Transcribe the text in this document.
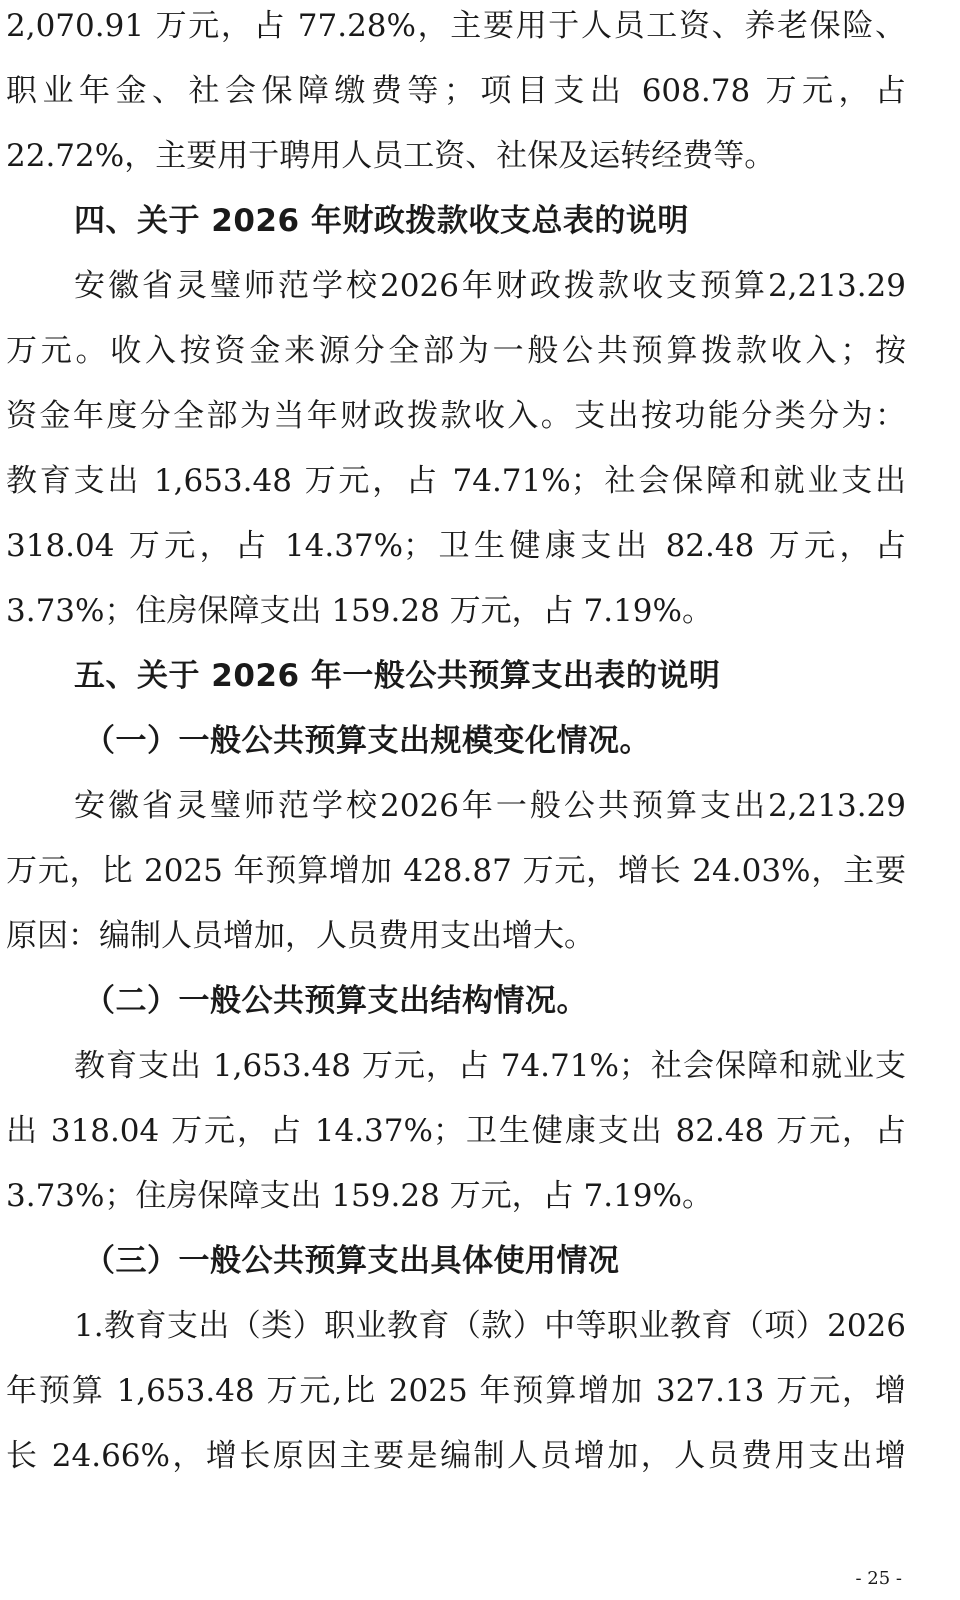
2,070.91 万元，占 77.28%，主要用于人员工资、养老保险、
职业年金、社会保障缴费等；项目支出 608.78 万元，占
22.72%，主要用于聘用人员工资、社保及运转经费等。
四、关于 2026 年财政拨款收支总表的说明
安徽省灵璧师范学校2026年财政拨款收支预算2,213.29
万元。收入按资金来源分全部为一般公共预算拨款收入；按
资金年度分全部为当年财政拨款收入。支出按功能分类分为：
教育支出 1,653.48 万元，占 74.71%；社会保障和就业支出
318.04 万元，占 14.37%；卫生健康支出 82.48 万元，占
3.73%；住房保障支出 159.28 万元，占 7.19%。
五、关于 2026 年一般公共预算支出表的说明
（一）一般公共预算支出规模变化情况。
安徽省灵璧师范学校2026年一般公共预算支出2,213.29
万元，比 2025 年预算增加 428.87 万元，增长 24.03%，主要
原因：编制人员增加，人员费用支出增大。
（二）一般公共预算支出结构情况。
教育支出 1,653.48 万元，占 74.71%；社会保障和就业支
出 318.04 万元，占 14.37%；卫生健康支出 82.48 万元，占
3.73%；住房保障支出 159.28 万元，占 7.19%。
（三）一般公共预算支出具体使用情况
1.教育支出（类）职业教育（款）中等职业教育（项）2026
年预算 1,653.48 万元,比 2025 年预算增加 327.13 万元，增
长 24.66%，增长原因主要是编制人员增加，人员费用支出增
- 25 -
